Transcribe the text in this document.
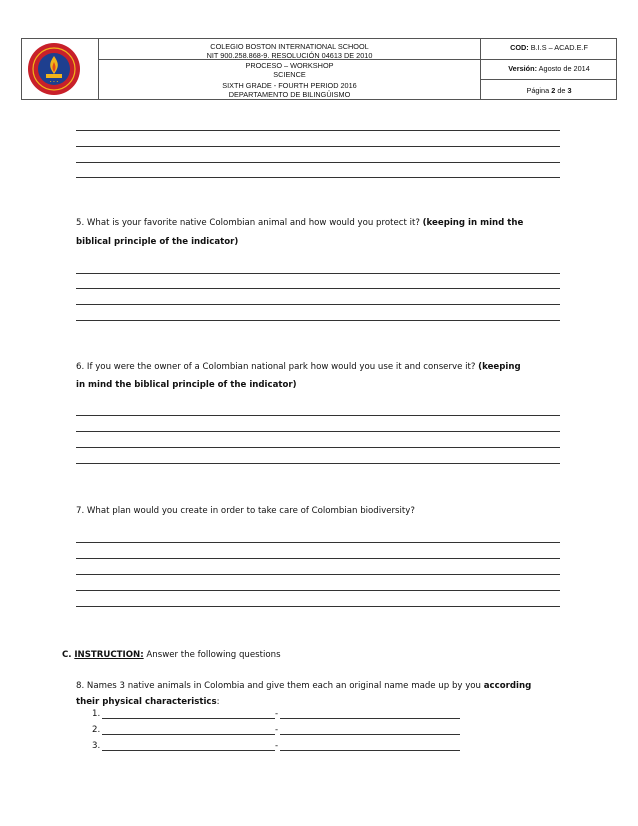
• • •
COLEGIO BOSTON INTERNATIONAL SCHOOL
NIT 900.258.868-9. RESOLUCIÓN 04613 DE 2010
PROCESO – WORKSHOP
SCIENCE
SIXTH GRADE - FOURTH PERIOD 2016
DEPARTAMENTO DE BILINGÜISMO
COD: B.I.S – ACAD.E.F
Versión: Agosto de 2014
Página 2 de 3
5. What is your favorite native Colombian animal and how would you protect it? (keeping in mind the
biblical principle of the indicator)
6. If you were the owner of a Colombian national park how would you use it and conserve it? (keeping
in mind the biblical principle of the indicator)
7. What plan would you create in order to take care of Colombian biodiversity?
C. INSTRUCTION: Answer the following questions
8. Names 3 native animals in Colombia and give them each an original name made up by you according
their physical characteristics:
1.	-
2.	-
3.	-
